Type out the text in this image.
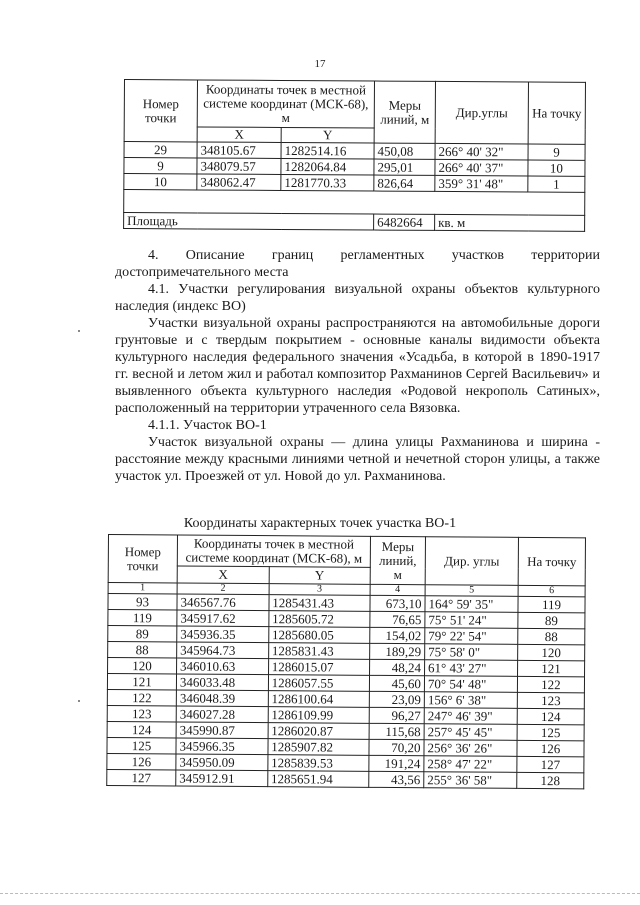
17
Номер точки	Координаты точек в местной системе координат (МСК-68), м		Меры линий, м	Дир.углы	На точку
	X	Y			
29	348105.67	1282514.16	450,08	266° 40' 32"	9
9	348079.57	1282064.84	295,01	266° 40' 37"	10
10	348062.47	1281770.33	826,64	359° 31' 48"	1

Площадь			6482664	кв. м	

4. Описание границ регламентных участков территории

достопримечательного места

4.1. Участки регулирования визуальной охраны объектов культурного наследия (индекс ВО)

Участки визуальной охраны распространяются на автомобильные дороги грунтовые и с твердым покрытием - основные каналы видимости объекта культурного наследия федерального значения «Усадьба, в которой в 1890-1917 гг. весной и летом жил и работал композитор Рахманинов Сергей Васильевич» и выявленного объекта культурного наследия «Родовой некрополь Сатиных», расположенный на территории утраченного села Вязовка.

4.1.1. Участок ВО-1

Участок визуальной охраны — длина улицы Рахманинова и ширина - расстояние между красными линиями четной и нечетной сторон улицы, а также участок ул. Проезжей от ул. Новой до ул. Рахманинова.

Координаты характерных точек участка ВО-1
Номер точки	Координаты точек в местной системе координат (МСК-68), м		Меры линий, м	Дир. углы	На точку
	X	Y			
1	2	3	4	5	6
93	346567.76	1285431.43	673,10	164° 59' 35"	119
119	345917.62	1285605.72	76,65	75° 51' 24"	89
89	345936.35	1285680.05	154,02	79° 22' 54"	88
88	345964.73	1285831.43	189,29	75° 58' 0"	120
120	346010.63	1286015.07	48,24	61° 43' 27"	121
121	346033.48	1286057.55	45,60	70° 54' 48"	122
122	346048.39	1286100.64	23,09	156° 6' 38"	123
123	346027.28	1286109.99	96,27	247° 46' 39"	124
124	345990.87	1286020.87	115,68	257° 45' 45"	125
125	345966.35	1285907.82	70,20	256° 36' 26"	126
126	345950.09	1285839.53	191,24	258° 47' 22"	127
127	345912.91	1285651.94	43,56	255° 36' 58"	128
